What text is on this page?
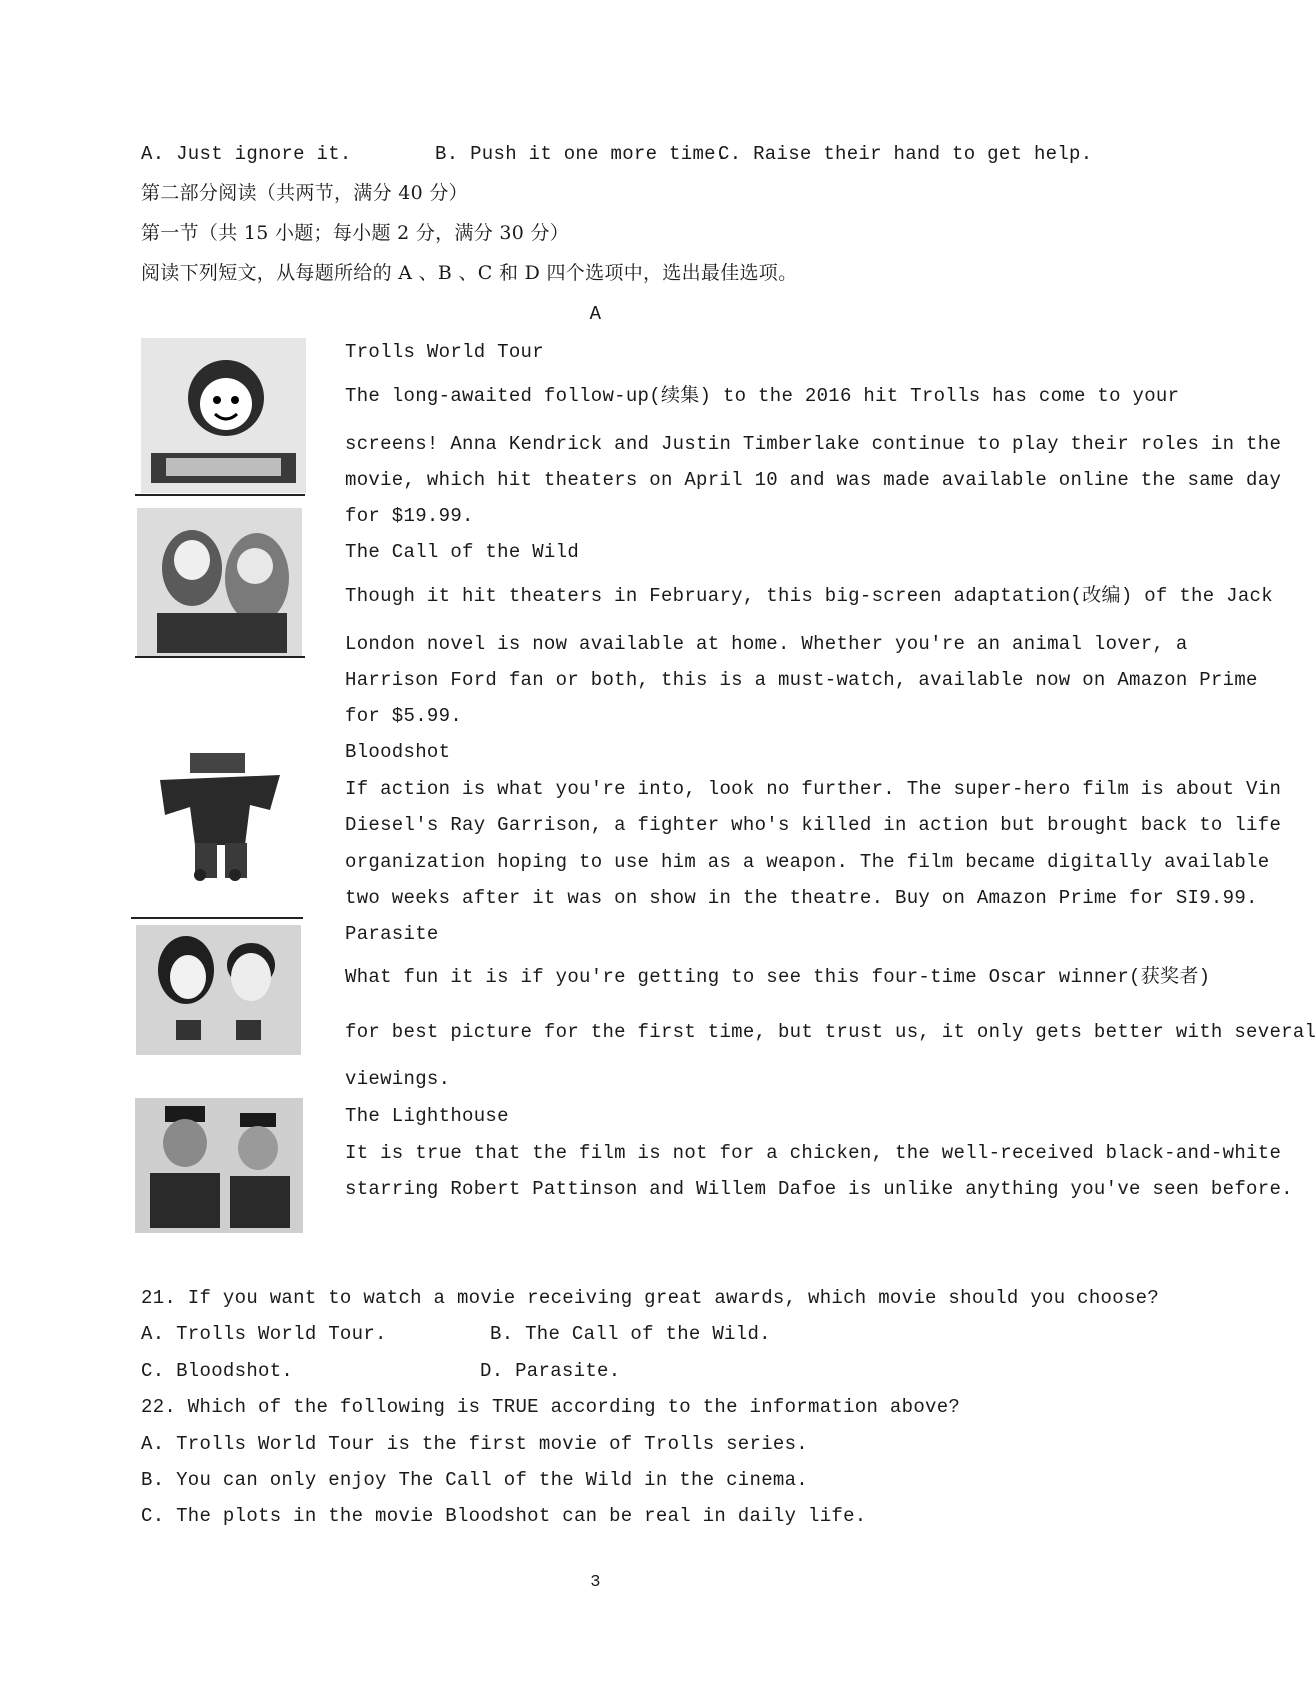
A. Just ignore it.	B. Push it one more time.
C. Raise their hand to get help.
第二部分阅读（共两节，满分 40 分）
第一节（共 15 小题；每小题 2 分，满分 30 分）
阅读下列短文，从每题所给的 A 、B 、C 和 D 四个选项中，选出最佳选项。
A
Trolls World Tour
The long-awaited follow-up(续集) to the 2016 hit Trolls has come to your
screens! Anna Kendrick and Justin Timberlake continue to play their roles in the
movie, which hit theaters on April 10 and was made available online the same day
for $19.99.
The Call of the Wild
Though it hit theaters in February, this big-screen adaptation(改编) of the Jack
London novel is now available at home. Whether you're an animal lover, a
Harrison Ford fan or both, this is a must-watch, available now on Amazon Prime
for $5.99.
Bloodshot
If action is what you're into, look no further. The super-hero film is about Vin
Diesel's Ray Garrison, a fighter who's killed in action but brought back to life
organization hoping to use him as a weapon. The film became digitally available
two weeks after it was on show in the theatre. Buy on Amazon Prime for SI9.99.
Parasite
What fun it is if you're getting to see this four-time Oscar winner(获奖者)
for best picture for the first time, but trust us, it only gets better with several
viewings.
The Lighthouse
It is true that the film is not for a chicken, the well-received black-and-white
starring Robert Pattinson and Willem Dafoe is unlike anything you've seen before.
21. If you want to watch a movie receiving great awards, which movie should you choose?
A. Trolls World Tour.	B. The Call of the Wild.
C. Bloodshot.	D. Parasite.
22. Which of the following is TRUE according to the information above?
A. Trolls World Tour is the first movie of Trolls series.
B. You can only enjoy The Call of the Wild in the cinema.
C. The plots in the movie Bloodshot can be real in daily life.
3
